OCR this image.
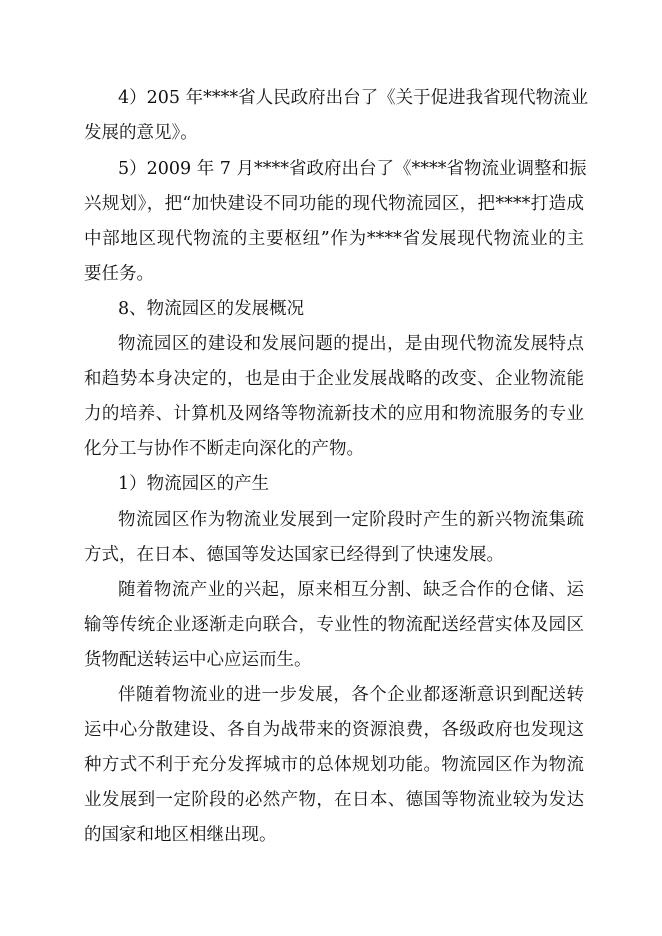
4）205 年****省人民政府出台了《关于促进我省现代物流业
发展的意见》。
5）2009 年 7 月****省政府出台了《****省物流业调整和振
兴规划》，把“加快建设不同功能的现代物流园区，把****打造成
中部地区现代物流的主要枢纽”作为****省发展现代物流业的主
要任务。
8、物流园区的发展概况
物流园区的建设和发展问题的提出，是由现代物流发展特点
和趋势本身决定的，也是由于企业发展战略的改变、企业物流能
力的培养、计算机及网络等物流新技术的应用和物流服务的专业
化分工与协作不断走向深化的产物。
1）物流园区的产生
物流园区作为物流业发展到一定阶段时产生的新兴物流集疏
方式，在日本、德国等发达国家已经得到了快速发展。
随着物流产业的兴起，原来相互分割、缺乏合作的仓储、运
输等传统企业逐渐走向联合，专业性的物流配送经营实体及园区
货物配送转运中心应运而生。
伴随着物流业的进一步发展，各个企业都逐渐意识到配送转
运中心分散建设、各自为战带来的资源浪费，各级政府也发现这
种方式不利于充分发挥城市的总体规划功能。物流园区作为物流
业发展到一定阶段的必然产物，在日本、德国等物流业较为发达
的国家和地区相继出现。
